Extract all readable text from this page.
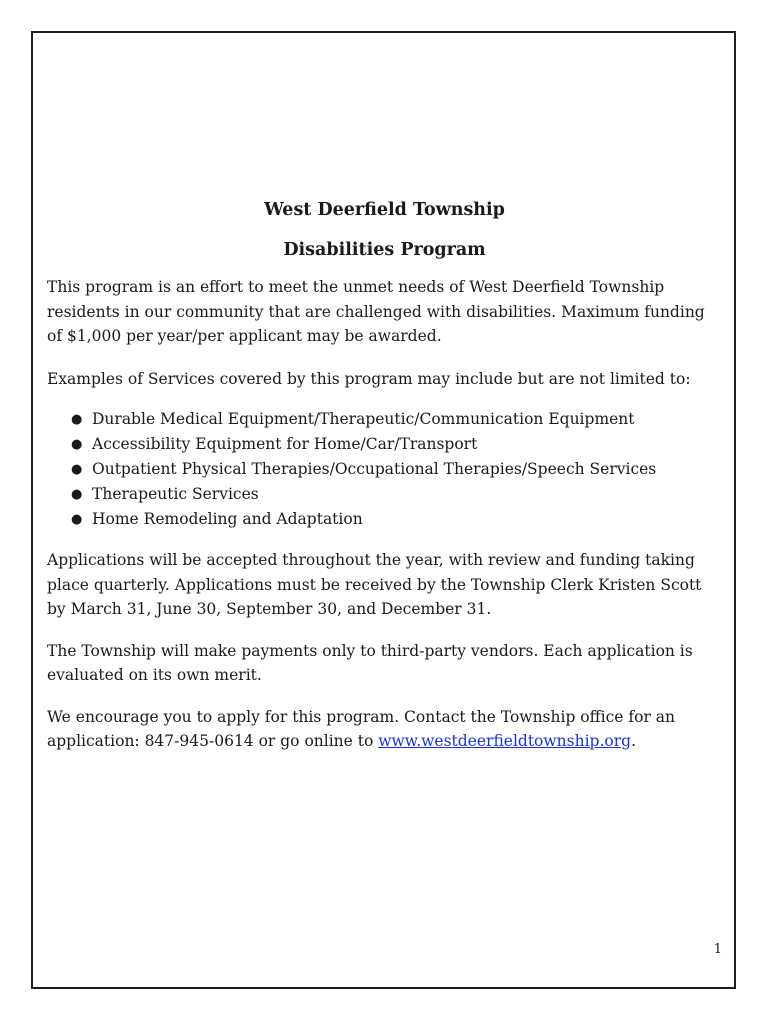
West Deerfield Township
Disabilities Program

This program is an effort to meet the unmet needs of West Deerfield Township residents in our community that are challenged with disabilities. Maximum funding of $1,000 per year/per applicant may be awarded.

Examples of Services covered by this program may include but are not limited to:

● Durable Medical Equipment/Therapeutic/Communication Equipment
● Accessibility Equipment for Home/Car/Transport
● Outpatient Physical Therapies/Occupational Therapies/Speech Services
● Therapeutic Services
● Home Remodeling and Adaptation

Applications will be accepted throughout the year, with review and funding taking place quarterly. Applications must be received by the Township Clerk Kristen Scott by March 31, June 30, September 30, and December 31.

The Township will make payments only to third-party vendors. Each application is evaluated on its own merit.

We encourage you to apply for this program. Contact the Township office for an application: 847-945-0614 or go online to www.westdeerfieldtownship.org.

1
